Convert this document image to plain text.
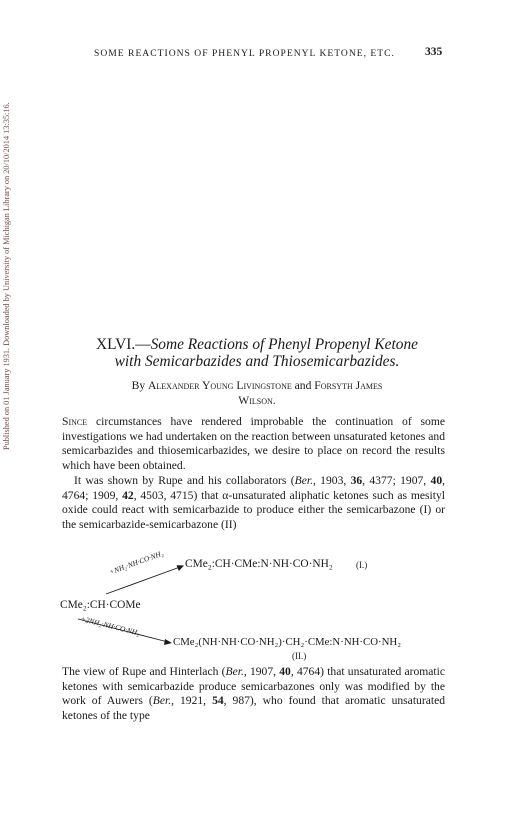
Published on 01 January 1931. Downloaded by University of Michigan Library on 20/10/2014 13:35:16.
SOME REACTIONS OF PHENYL PROPENYL KETONE, ETC.	335
XLVI.—Some Reactions of Phenyl Propenyl Ketone
with Semicarbazides and Thiosemicarbazides.
By Alexander Young Livingstone and Forsyth James
Wilson.
Since circumstances have rendered improbable the continuation of some investigations we had undertaken on the reaction between unsaturated ketones and semicarbazides and thiosemicarbazides, we desire to place on record the results which have been obtained.
It was shown by Rupe and his collaborators (Ber., 1903, 36, 4377; 1907, 40, 4764; 1909, 42, 4503, 4715) that α-unsaturated aliphatic ketones such as mesityl oxide could react with semicarbazide to produce either the semicarbazone (I) or the semicarbazide-semicarbazone (II)
+NH₂·NH·CO·NH₂ CMe₂:CH·CMe:N·NH·CO·NH₂	(I.)
CMe₂:CH·COMe
+2NH₂·NH·CO·NH₂
CMe₂(NH·NH·CO·NH₂)·CH₂·CMe:N·NH·CO·NH₂
(II.)
The view of Rupe and Hinterlach (Ber., 1907, 40, 4764) that unsaturated aromatic ketones with semicarbazide produce semicarbazones only was modified by the work of Auwers (Ber., 1921, 54, 987), who found that aromatic unsaturated ketones of the type
